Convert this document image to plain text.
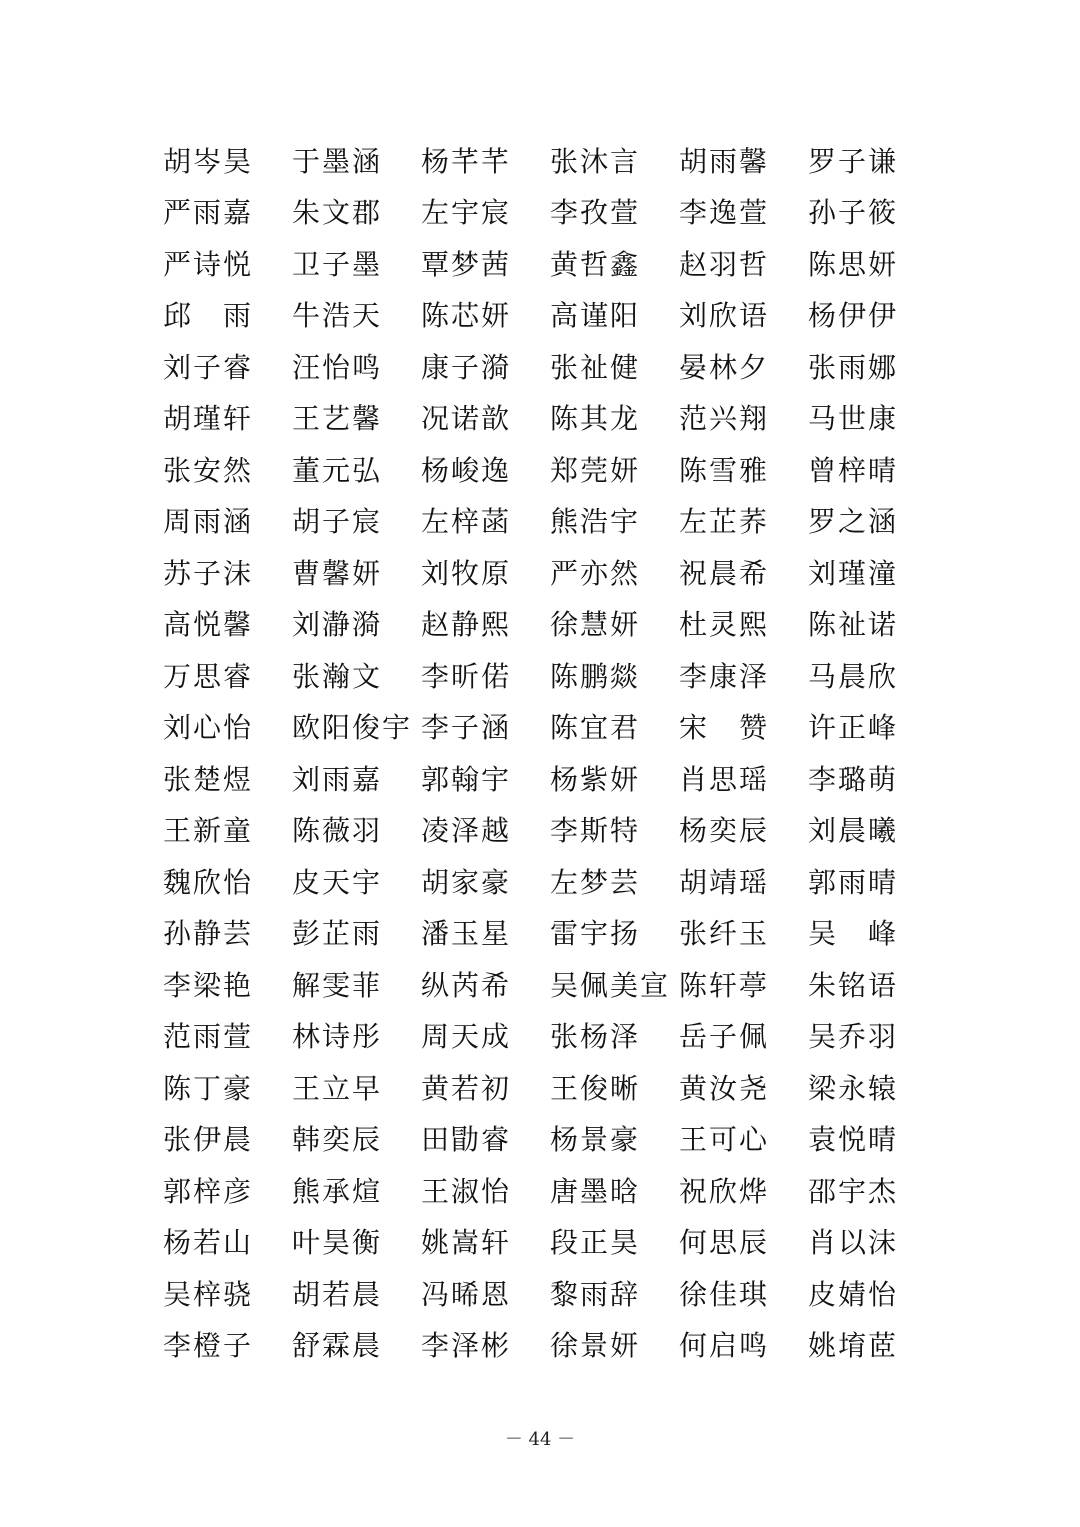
胡岑昊	于墨涵	杨芊芊	张沐言	胡雨馨	罗子谦
严雨嘉	朱文郡	左宇宸	李孜萱	李逸萱	孙子筱
严诗悦	卫子墨	覃梦茜	黄哲鑫	赵羽哲	陈思妍
邱　雨	牛浩天	陈芯妍	高谨阳	刘欣语	杨伊伊
刘子睿	汪怡鸣	康子漪	张祉健	晏林夕	张雨娜
胡瑾轩	王艺馨	况诺歆	陈其龙	范兴翔	马世康
张安然	董元弘	杨峻逸	郑莞妍	陈雪雅	曾梓晴
周雨涵	胡子宸	左梓菡	熊浩宇	左芷荞	罗之涵
苏子沫	曹馨妍	刘牧原	严亦然	祝晨希	刘瑾潼
高悦馨	刘瀞漪	赵静熙	徐慧妍	杜灵熙	陈祉诺
万思睿	张瀚文	李昕偌	陈鹏燚	李康泽	马晨欣
刘心怡	欧阳俊宇 李子涵	陈宜君	宋　赞	许正峰
张楚煜	刘雨嘉	郭翰宇	杨紫妍	肖思瑶	李璐萌
王新童	陈薇羽	凌泽越	李斯特	杨奕辰	刘晨曦
魏欣怡	皮天宇	胡家豪	左梦芸	胡靖瑶	郭雨晴
孙静芸	彭芷雨	潘玉星	雷宇扬	张纤玉	吴　峰
李梁艳	解雯菲	纵芮希	吴佩美宣 陈轩葶	朱铭语
范雨萱	林诗彤	周天成	张杨泽	岳子佩	吴乔羽
陈丁豪	王立早	黄若初	王俊晰	黄汝尧	梁永辕
张伊晨	韩奕辰	田勖睿	杨景豪	王可心	袁悦晴
郭梓彦	熊承煊	王淑怡	唐墨晗	祝欣烨	邵宇杰
杨若山	叶昊衡	姚嵩轩	段正昊	何思辰	肖以沫
吴梓骁	胡若晨	冯晞恩	黎雨辞	徐佳琪	皮婧怡
李橙子	舒霖晨	李泽彬	徐景妍	何启鸣	姚堉茝
－ 44 －
